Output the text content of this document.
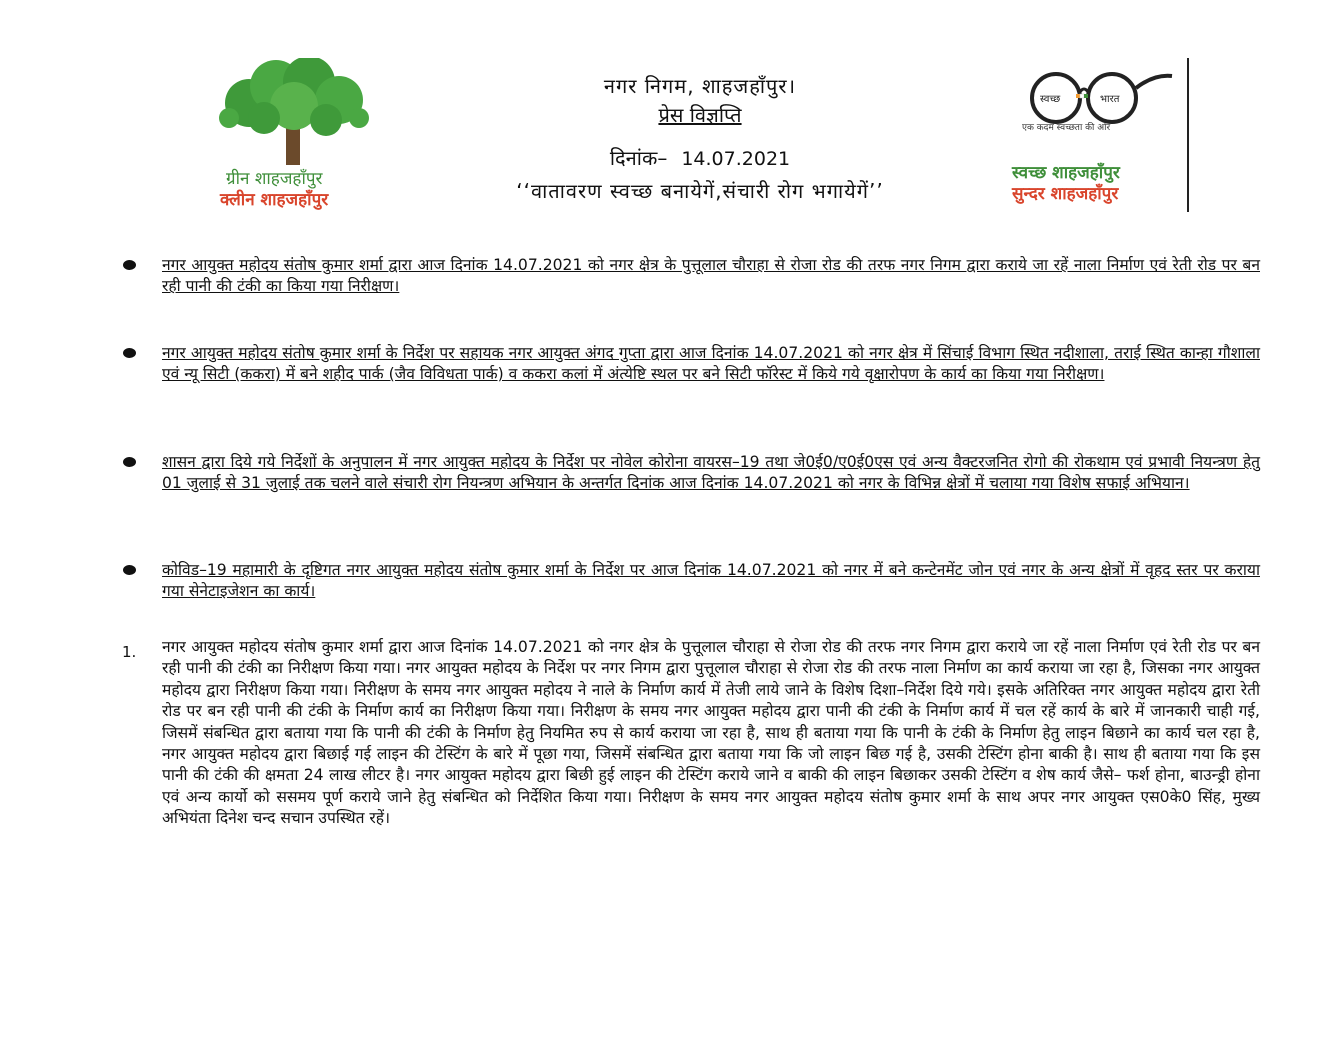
ग्रीन शाहजहाँपुर
क्लीन शाहजहाँपुर
नगर निगम, शाहजहाँपुर।
प्रेस विज्ञप्ति
दिनांक– 14.07.2021
‘‘वातावरण स्वच्छ बनायेगें,संचारी रोग भगायेगें’’
स्वच्छ	भारत
एक कदम स्वच्छता की ओर
स्वच्छ शाहजहाँपुर
सुन्दर शाहजहाँपुर
नगर आयुक्त महोदय संतोष कुमार शर्मा द्वारा आज दिनांक 14.07.2021 को नगर क्षेत्र के पुत्तूलाल चौराहा से रोजा रोड की तरफ नगर निगम द्वारा कराये जा रहें नाला निर्माण एवं रेती रोड पर बन रही पानी की टंकी का किया गया निरीक्षण।
नगर आयुक्त महोदय संतोष कुमार शर्मा के निर्देश पर सहायक नगर आयुक्त अंगद गुप्ता द्वारा आज दिनांक 14.07.2021 को नगर क्षेत्र में सिंचाई विभाग स्थित नदीशाला, तराई स्थित कान्हा गौशाला एवं न्यू सिटी (ककरा) में बने शहीद पार्क (जैव विविधता पार्क) व ककरा कलां में अंत्येष्टि स्थल पर बने सिटी फॉरेस्ट में किये गये वृक्षारोपण के कार्य का किया गया निरीक्षण।
शासन द्वारा दिये गये निर्देशों के अनुपालन में नगर आयुक्त महोदय के निर्देश पर नोवेल कोरोना वायरस–19 तथा जे0ई0/ए0ई0एस एवं अन्य वैक्टरजनित रोगो की रोकथाम एवं प्रभावी नियन्त्रण हेतु 01 जुलाई से 31 जुलाई तक चलने वाले संचारी रोग नियन्त्रण अभियान के अन्तर्गत दिनांक आज दिनांक 14.07.2021 को नगर के विभिन्न क्षेत्रों में चलाया गया विशेष सफाई अभियान।
कोविड–19 महामारी के दृष्टिगत नगर आयुक्त महोदय संतोष कुमार शर्मा के निर्देश पर आज दिनांक 14.07.2021 को नगर में बने कन्टेनमेंट जोन एवं नगर के अन्य क्षेत्रों में वृहद स्तर पर कराया गया सेनेटाइजेशन का कार्य।
1. नगर आयुक्त महोदय संतोष कुमार शर्मा द्वारा आज दिनांक 14.07.2021 को नगर क्षेत्र के पुत्तूलाल चौराहा से रोजा रोड की तरफ नगर निगम द्वारा कराये जा रहें नाला निर्माण एवं रेती रोड पर बन रही पानी की टंकी का निरीक्षण किया गया। नगर आयुक्त महोदय के निर्देश पर नगर निगम द्वारा पुत्तूलाल चौराहा से रोजा रोड की तरफ नाला निर्माण का कार्य कराया जा रहा है, जिसका नगर आयुक्त महोदय द्वारा निरीक्षण किया गया। निरीक्षण के समय नगर आयुक्त महोदय ने नाले के निर्माण कार्य में तेजी लाये जाने के विशेष दिशा–निर्देश दिये गये। इसके अतिरिक्त नगर आयुक्त महोदय द्वारा रेती रोड पर बन रही पानी की टंकी के निर्माण कार्य का निरीक्षण किया गया। निरीक्षण के समय नगर आयुक्त महोदय द्वारा पानी की टंकी के निर्माण कार्य में चल रहें कार्य के बारे में जानकारी चाही गई, जिसमें संबन्धित द्वारा बताया गया कि पानी की टंकी के निर्माण हेतु नियमित रुप से कार्य कराया जा रहा है, साथ ही बताया गया कि पानी के टंकी के निर्माण हेतु लाइन बिछाने का कार्य चल रहा है, नगर आयुक्त महोदय द्वारा बिछाई गई लाइन की टेस्टिंग के बारे में पूछा गया, जिसमें संबन्धित द्वारा बताया गया कि जो लाइन बिछ गई है, उसकी टेस्टिंग होना बाकी है। साथ ही बताया गया कि इस पानी की टंकी की क्षमता 24 लाख लीटर है। नगर आयुक्त महोदय द्वारा बिछी हुई लाइन की टेस्टिंग कराये जाने व बाकी की लाइन बिछाकर उसकी टेस्टिंग व शेष कार्य जैसे– फर्श होना, बाउन्ड्री होना एवं अन्य कार्यो को ससमय पूर्ण कराये जाने हेतु संबन्धित को निर्देशित किया गया। निरीक्षण के समय नगर आयुक्त महोदय संतोष कुमार शर्मा के साथ अपर नगर आयुक्त एस0के0 सिंह, मुख्य अभियंता दिनेश चन्द सचान उपस्थित रहें।
